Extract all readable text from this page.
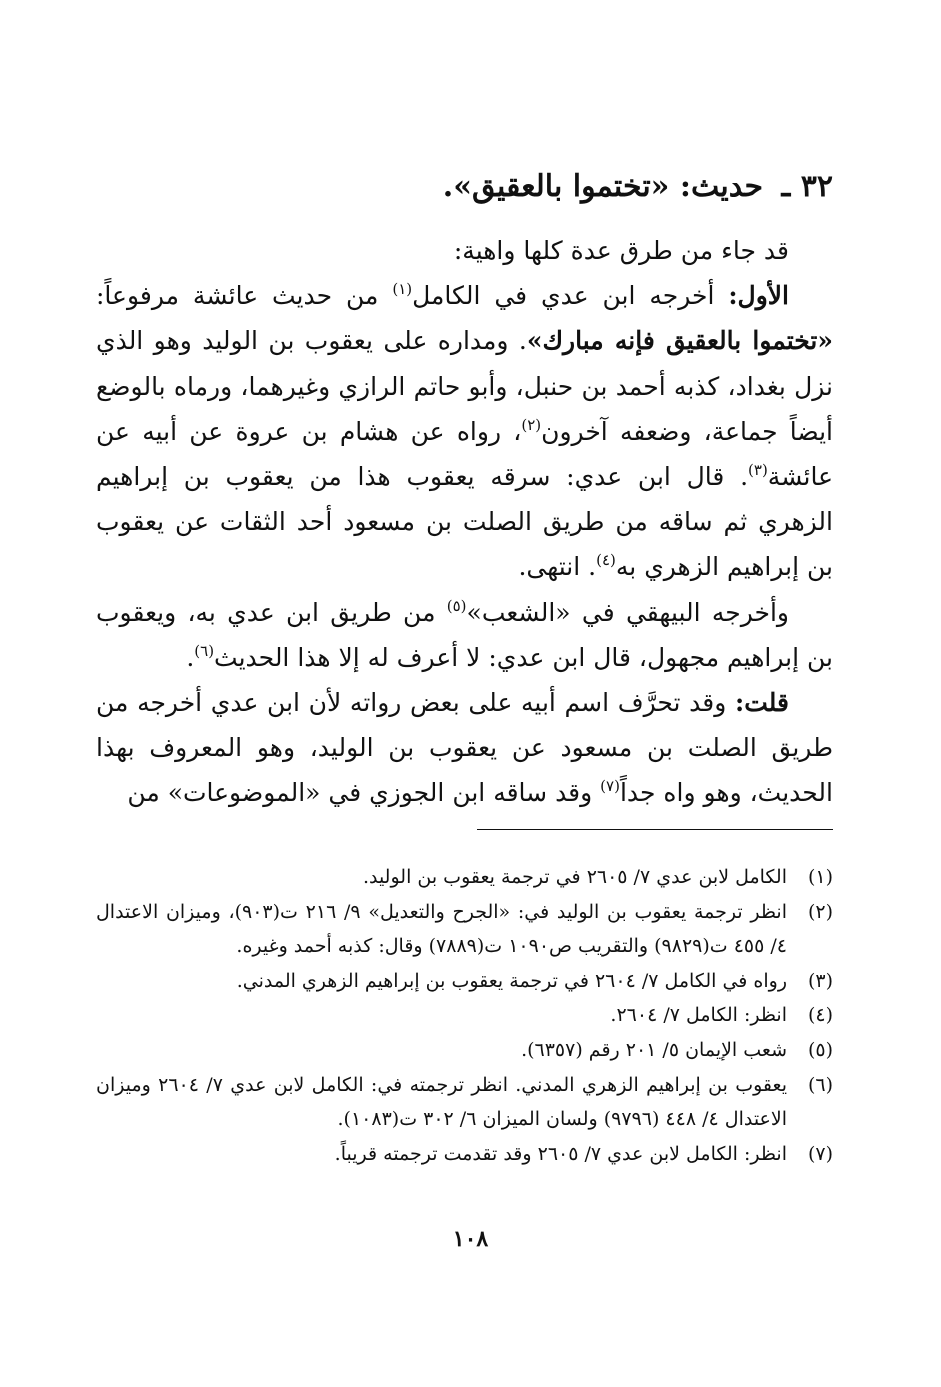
٣٢ ـ حديث: «تختموا بالعقيق».

قد جاء من طرق عدة كلها واهية:

الأول: أخرجه ابن عدي في الكامل$^{(١)}$ من حديث عائشة مرفوعاً: «تختموا بالعقيق فإنه مبارك». ومداره على يعقوب بن الوليد وهو الذي نزل بغداد، كذبه أحمد بن حنبل، وأبو حاتم الرازي وغيرهما، ورماه بالوضع أيضاً جماعة، وضعفه آخرون$^{(٢)}$، رواه عن هشام بن عروة عن أبيه عن عائشة$^{(٣)}$. قال ابن عدي: سرقه يعقوب هذا من يعقوب بن إبراهيم الزهري ثم ساقه من طريق الصلت بن مسعود أحد الثقات عن يعقوب بن إبراهيم الزهري به$^{(٤)}$. انتهى.

وأخرجه البيهقي في «الشعب»$^{(٥)}$ من طريق ابن عدي به، ويعقوب بن إبراهيم مجهول، قال ابن عدي: لا أعرف له إلا هذا الحديث$^{(٦)}$.

قلت: وقد تحرَّف اسم أبيه على بعض رواته لأن ابن عدي أخرجه من طريق الصلت بن مسعود عن يعقوب بن الوليد، وهو المعروف بهذا الحديث، وهو واه جداً$^{(٧)}$ وقد ساقه ابن الجوزي في «الموضوعات» من

(١)
الكامل لابن عدي ٧/ ٢٦٠٥ في ترجمة يعقوب بن الوليد.
(٢)
انظر ترجمة يعقوب بن الوليد في: «الجرح والتعديل» ٩/ ٢١٦ ت(٩٠٣)، وميزان الاعتدال ٤/ ٤٥٥ ت(٩٨٢٩) والتقريب ص١٠٩٠ ت(٧٨٨٩) وقال: كذبه أحمد وغيره.
(٣)
رواه في الكامل ٧/ ٢٦٠٤ في ترجمة يعقوب بن إبراهيم الزهري المدني.
(٤)
انظر: الكامل ٧/ ٢٦٠٤.
(٥)
شعب الإيمان ٥/ ٢٠١ رقم (٦٣٥٧).
(٦)
يعقوب بن إبراهيم الزهري المدني. انظر ترجمته في: الكامل لابن عدي ٧/ ٢٦٠٤ وميزان الاعتدال ٤/ ٤٤٨ (٩٧٩٦) ولسان الميزان ٦/ ٣٠٢ ت(١٠٨٣).
(٧)
انظر: الكامل لابن عدي ٧/ ٢٦٠٥ وقد تقدمت ترجمته قريباً.
١٠٨
